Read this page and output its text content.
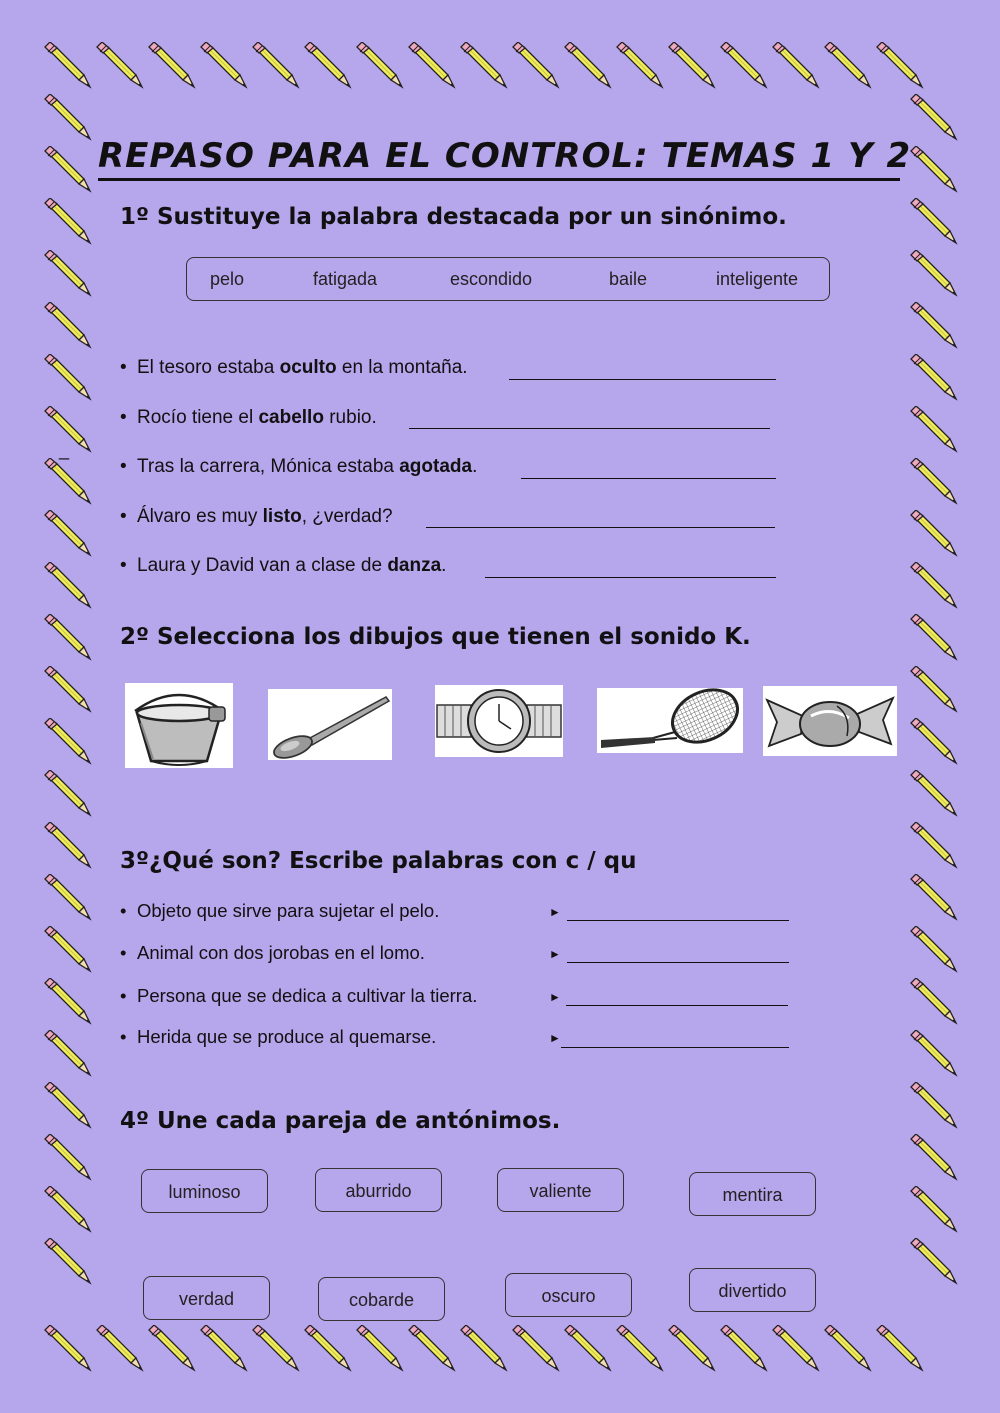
REPASO PARA EL CONTROL: TEMAS 1 Y 2
1º Sustituye la palabra destacada por un sinónimo.
pelo	fatigada	escondido	baile	inteligente
• El tesoro estaba oculto en la montaña.
• Rocío tiene el cabello rubio.
• Tras la carrera, Mónica estaba agotada.
• Álvaro es muy listo, ¿verdad?
• Laura y David van a clase de danza.
_
2º Selecciona los dibujos que tienen el sonido K.
3º¿Qué son? Escribe palabras con c / qu
• Objeto que sirve para sujetar el pelo.	►
• Animal con dos jorobas en el lomo.	►
• Persona que se dedica a cultivar la tierra.	►
• Herida que se produce al quemarse.	►
4º Une cada pareja de antónimos.
luminoso	aburrido	valiente	mentira
verdad	cobarde	oscuro	divertido
